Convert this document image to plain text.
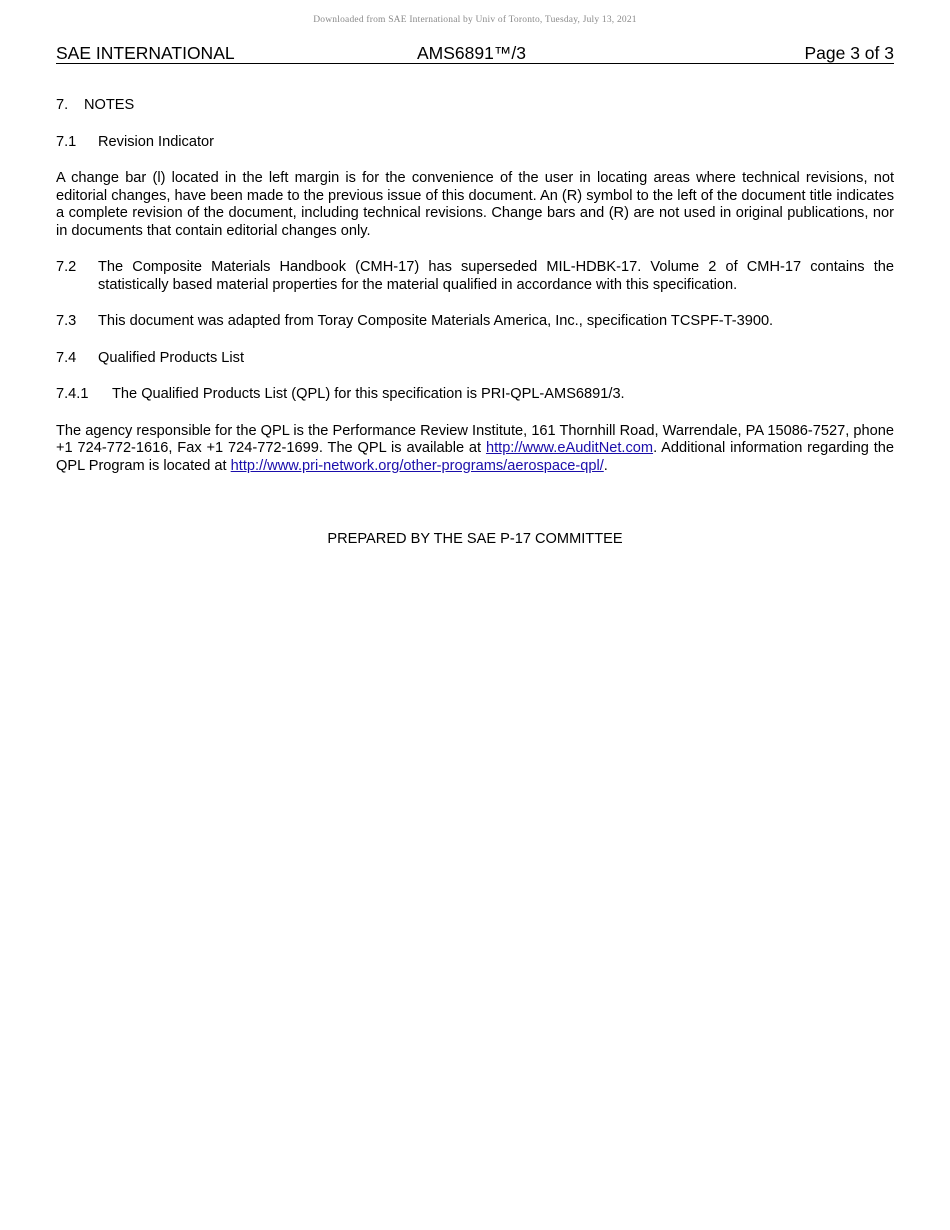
Downloaded from SAE International by Univ of Toronto, Tuesday, July 13, 2021
SAE INTERNATIONAL	AMS6891™/3	Page 3 of 3
7.	NOTES
7.1	Revision Indicator

A change bar (l) located in the left margin is for the convenience of the user in locating areas where technical revisions, not editorial changes, have been made to the previous issue of this document. An (R) symbol to the left of the document title indicates a complete revision of the document, including technical revisions. Change bars and (R) are not used in original publications, nor in documents that contain editorial changes only.

7.2	The Composite Materials Handbook (CMH-17) has superseded MIL-HDBK-17. Volume 2 of CMH-17 contains the statistically based material properties for the material qualified in accordance with this specification.
7.3	This document was adapted from Toray Composite Materials America, Inc., specification TCSPF-T-3900.
7.4	Qualified Products List
7.4.1	The Qualified Products List (QPL) for this specification is PRI-QPL-AMS6891/3.

The agency responsible for the QPL is the Performance Review Institute, 161 Thornhill Road, Warrendale, PA 15086-7527, phone +1 724-772-1616, Fax +1 724-772-1699. The QPL is available at http://www.eAuditNet.com. Additional information regarding the QPL Program is located at http://www.pri-network.org/other-programs/aerospace-qpl/.

PREPARED BY THE SAE P-17 COMMITTEE
